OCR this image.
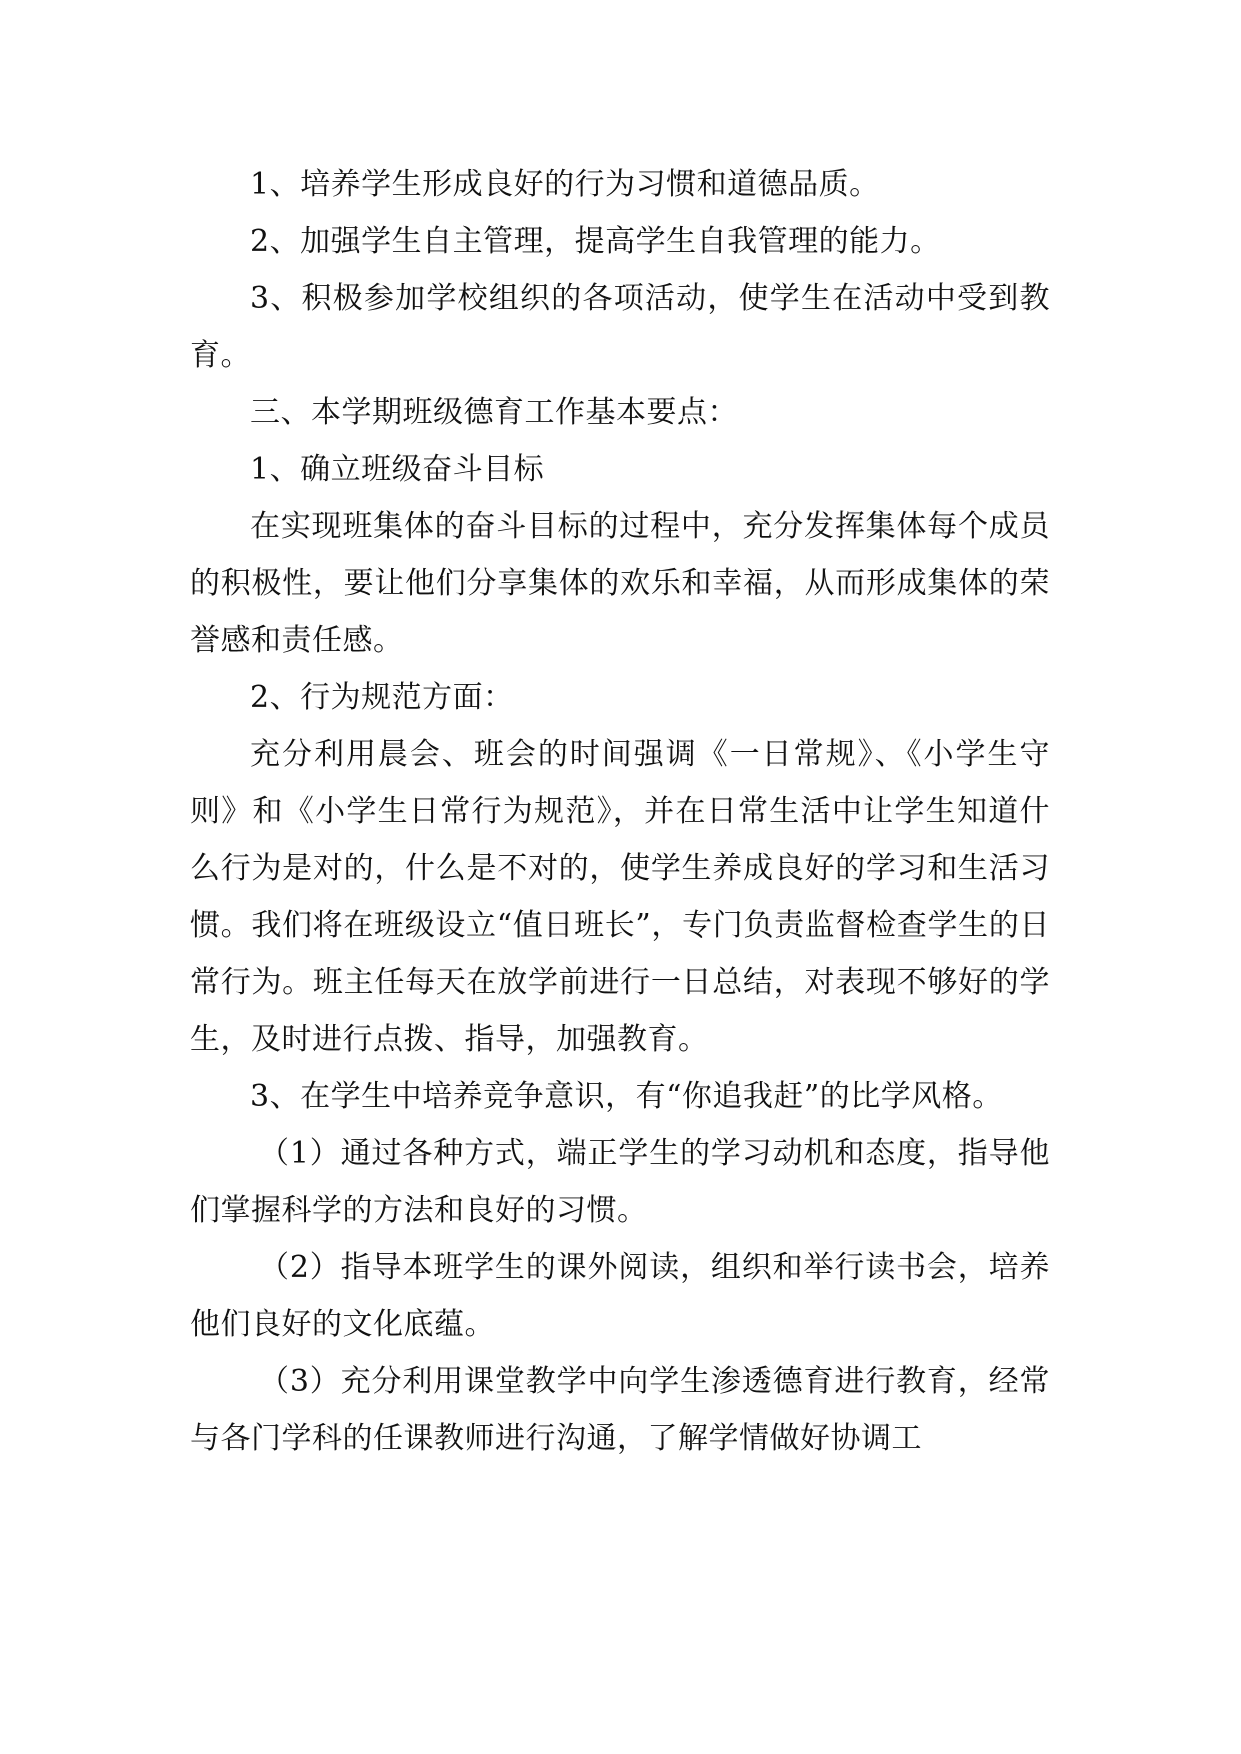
1、培养学生形成良好的行为习惯和道德品质。

2、加强学生自主管理，提高学生自我管理的能力。

3、积极参加学校组织的各项活动，使学生在活动中受到教育。

三、本学期班级德育工作基本要点：

1、确立班级奋斗目标

在实现班集体的奋斗目标的过程中，充分发挥集体每个成员的积极性，要让他们分享集体的欢乐和幸福，从而形成集体的荣誉感和责任感。

2、行为规范方面：

充分利用晨会、班会的时间强调《一日常规》、《小学生守则》和《小学生日常行为规范》，并在日常生活中让学生知道什么行为是对的，什么是不对的，使学生养成良好的学习和生活习惯。我们将在班级设立“值日班长”，专门负责监督检查学生的日常行为。班主任每天在放学前进行一日总结，对表现不够好的学生，及时进行点拨、指导，加强教育。

3、在学生中培养竞争意识，有“你追我赶”的比学风格。

（1）通过各种方式，端正学生的学习动机和态度，指导他们掌握科学的方法和良好的习惯。

（2）指导本班学生的课外阅读，组织和举行读书会，培养他们良好的文化底蕴。

（3）充分利用课堂教学中向学生渗透德育进行教育，经常与各门学科的任课教师进行沟通，了解学情做好协调工
